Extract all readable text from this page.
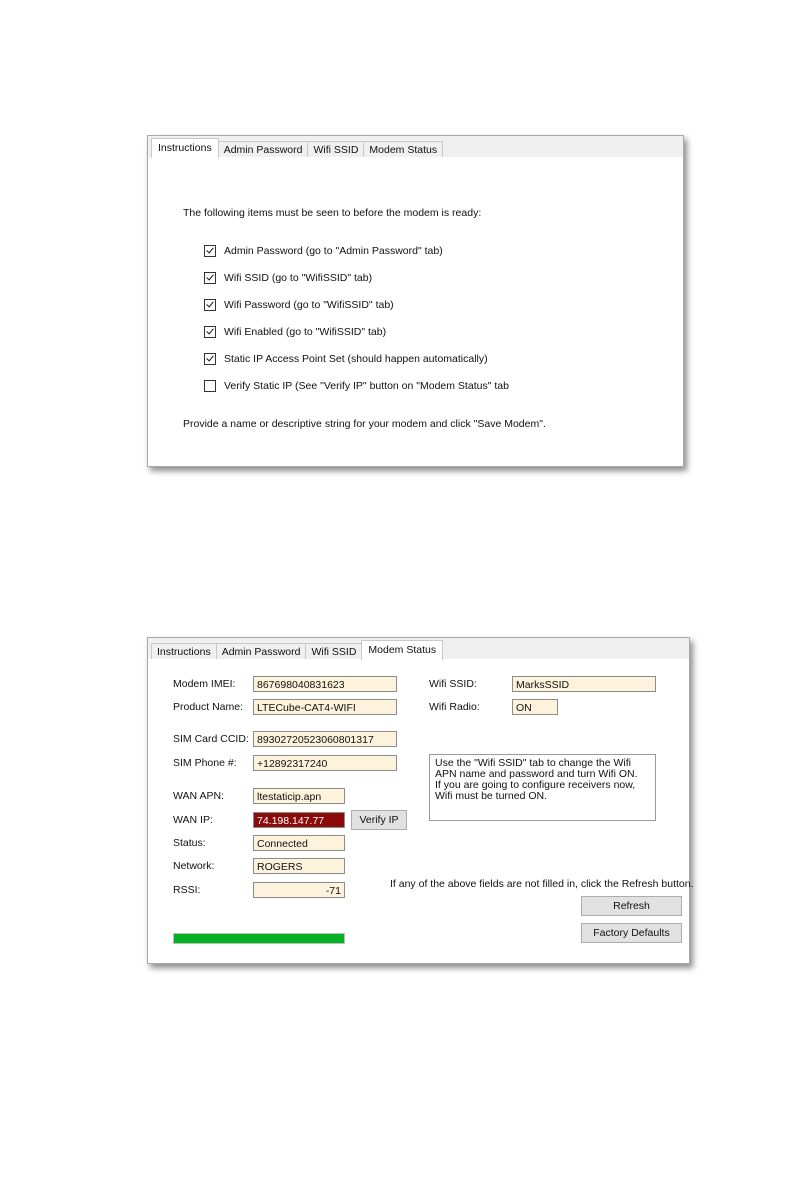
Instructions	Admin Password	Wifi SSID	Modem Status
The following items must be seen to before the modem is ready:
Admin Password (go to "Admin Password" tab)
Wifi SSID (go to "WifiSSID" tab)
Wifi Password (go to "WifiSSID" tab)
Wifi Enabled (go to "WifiSSID" tab)
Static IP Access Point Set (should happen automatically)
Verify Static IP (See "Verify IP" button on "Modem Status" tab
Provide a name or descriptive string for your modem and click "Save Modem".
Instructions	Admin Password	Wifi SSID	Modem Status
Modem IMEI:	867698040831623
Product Name:	LTECube-CAT4-WIFI
SIM Card CCID: 89302720523060801317
SIM Phone #:	+12892317240
WAN APN:	ltestaticip.apn
WAN IP:	74.198.147.77	Verify IP
Status:	Connected
Network:	ROGERS
RSSI:	-71
Wifi SSID:	MarksSSID
Wifi Radio:	ON
Use the "Wifi SSID" tab to change the Wifi APN name and password and turn Wifi ON.
If you are going to configure receivers now, Wifi must be turned ON.
If any of the above fields are not filled in, click the Refresh button.
Refresh
Factory Defaults
